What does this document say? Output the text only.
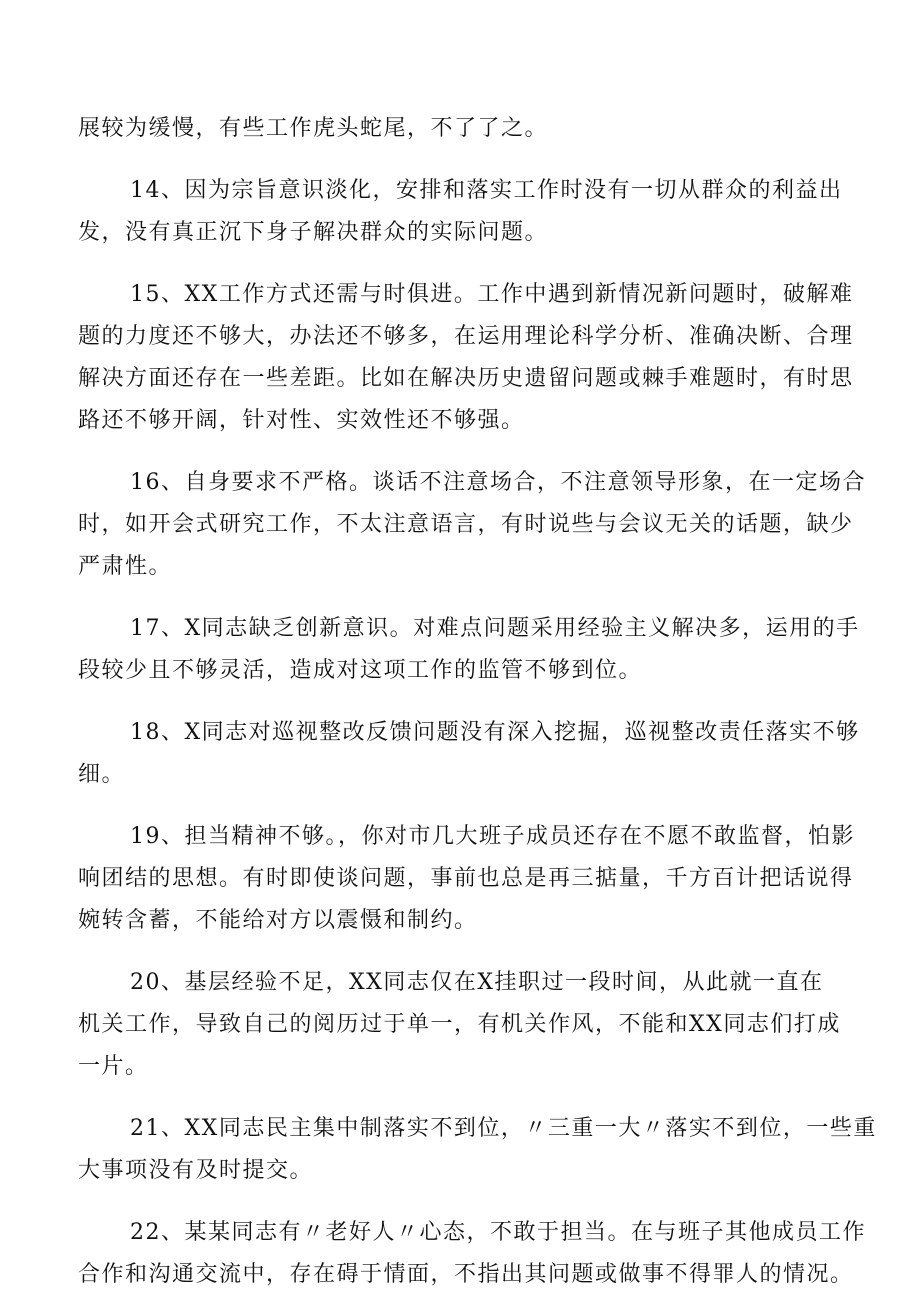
展较为缓慢，有些工作虎头蛇尾，不了了之。

14、因为宗旨意识淡化，安排和落实工作时没有一切从群众的利益出
发，没有真正沉下身子解决群众的实际问题。

15、XX工作方式还需与时俱进。工作中遇到新情况新问题时，破解难
题的力度还不够大，办法还不够多，在运用理论科学分析、准确决断、合理
解决方面还存在一些差距。比如在解决历史遗留问题或棘手难题时，有时思
路还不够开阔，针对性、实效性还不够强。

16、自身要求不严格。谈话不注意场合，不注意领导形象，在一定场合
时，如开会式研究工作，不太注意语言，有时说些与会议无关的话题，缺少
严肃性。

17、X同志缺乏创新意识。对难点问题采用经验主义解决多，运用的手
段较少且不够灵活，造成对这项工作的监管不够到位。

18、X同志对巡视整改反馈问题没有深入挖掘，巡视整改责任落实不够
细。

19、担当精神不够。，你对市几大班子成员还存在不愿不敢监督，怕影
响团结的思想。有时即使谈问题，事前也总是再三掂量，千方百计把话说得
婉转含蓄，不能给对方以震慑和制约。

20、基层经验不足，XX同志仅在X挂职过一段时间，从此就一直在
机关工作，导致自己的阅历过于单一，有机关作风，不能和XX同志们打成
一片。

21、XX同志民主集中制落实不到位，〃三重一大〃落实不到位，一些重
大事项没有及时提交。

22、某某同志有〃老好人〃心态，不敢于担当。在与班子其他成员工作
合作和沟通交流中，存在碍于情面，不指出其问题或做事不得罪人的情况。
